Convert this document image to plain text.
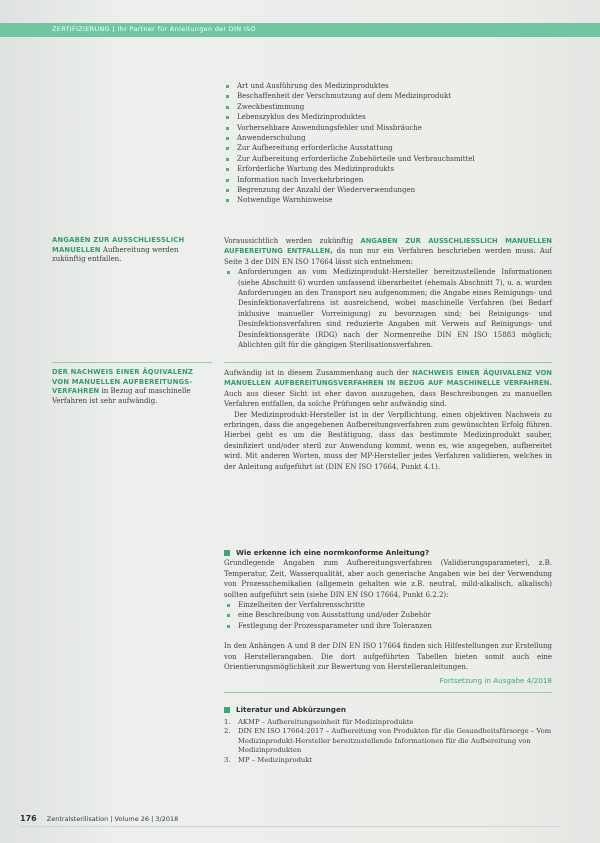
ZERTIFIZIERUNG | Ihr Partner für Anleitungen der DIN ISO
Art und Ausführung des Medizinproduktes
Beschaffenheit der Verschmutzung auf dem Medizinprodukt
Zweckbestimmung
Lebenszyklus des Medizinproduktes
Vorhersehbare Anwendungsfehler und Missbräuche
Anwenderschulung
Zur Aufbereitung erforderliche Ausstattung
Zur Aufbereitung erforderliche Zubehörteile und Verbrauchsmittel
Erforderliche Wartung des Medizinprodukts
Information nach Inverkehrbringen
Begrenzung der Anzahl der Wiederverwendungen
Notwendige Warnhinweise
ANGABEN ZUR AUSSCHLIESSLICH MANUELLEN Aufbereitung werden zukünftig entfallen.

Voraussichtlich werden zukünftig ANGABEN ZUR AUSSCHLIESSLICH MANUELLEN AUFBEREITUNG ENTFALLEN, da nun nur ein Verfahren beschrieben werden muss. Auf Seite 3 der DIN EN ISO 17664 lässt sich entnehmen:

Anforderungen an vom Medizinprodukt-Hersteller bereitzustellende Informationen (siehe Abschnitt 6) wurden umfassend überarbeitet (ehemals Abschnitt 7), u. a. wurden Anforderungen an den Transport neu aufgenommen; die Angabe eines Reinigungs- und Desinfektionsverfahrens ist ausreichend, wobei maschinelle Verfahren (bei Bedarf inklusive manueller Vorreinigung) zu bevorzugen sind; bei Reinigungs- und Desinfektionsverfahren sind reduzierte Angaben mit Verweis auf Reinigungs- und Desinfektionsgeräte (RDG) nach der Normenreihe DIN EN ISO 15883 möglich; Ablichten gilt für die gängigen Sterilisationsverfahren.

DER NACHWEIS EINER ÄQUIVALENZ VON MANUELLEN AUFBEREITUNGS-VERFAHREN in Bezug auf maschinelle Verfahren ist sehr aufwändig.

Aufwändig ist in diesem Zusammenhang auch der NACHWEIS EINER ÄQUIVALENZ VON MANUELLEN AUFBEREITUNGSVERFAHREN IN BEZUG AUF MASCHINELLE VERFAHREN. Auch aus dieser Sicht ist eher davon auszugehen, dass Beschreibungen zu manuellen Verfahren entfallen, da solche Prüfungen sehr aufwändig sind.

Der Medizinprodukt-Hersteller ist in der Verpflichtung, einen objektiven Nachweis zu erbringen, dass die angegebenen Aufbereitungsverfahren zum gewünschten Erfolg führen. Hierbei geht es um die Bestätigung, dass das bestimmte Medizinprodukt sauber, desinfiziert und/oder steril zur Anwendung kommt, wenn es, wie angegeben, aufbereitet wird. Mit anderen Worten, muss der MP-Hersteller jedes Verfahren validieren, welches in der Anleitung aufgeführt ist (DIN EN ISO 17664, Punkt 4.1).

Wie erkenne ich eine normkonforme Anleitung?

Grundlegende Angaben zum Aufbereitungsverfahren (Validierungsparameter), z.B. Temperatur, Zeit, Wasserqualität, aber auch generische Angaben wie bei der Verwendung von Prozesschemikalien (allgemein gehalten wie z.B. neutral, mild-alkalisch, alkalisch) sollten aufgeführt sein (siehe DIN EN ISO 17664, Punkt 6.2.2):

Einzelheiten der Verfahrensschritte
eine Beschreibung von Ausstattung und/oder Zubehör
Festlegung der Prozessparameter und ihre Toleranzen

In den Anhängen A und B der DIN EN ISO 17664 finden sich Hilfestellungen zur Erstellung von Herstellerangaben. Die dort aufgeführten Tabellen bieten somit auch eine Orientierungsmöglichkeit zur Bewertung von Herstelleranleitungen.

Fortsetzung in Ausgabe 4/2018
Literatur und Abkürzungen
1. AKMP – Aufbereitungseinheit für Medizinprodukte
2. DIN EN ISO 17664:2017 – Aufbereitung von Produkten für die Gesundheitsfürsorge – Vom Medizinprodukt-Hersteller bereitzustellende Informationen für die Aufbereitung von Medizinprodukten
3. MP – Medizinprodukt
176 Zentralsterilisation | Volume 26 | 3/2018
